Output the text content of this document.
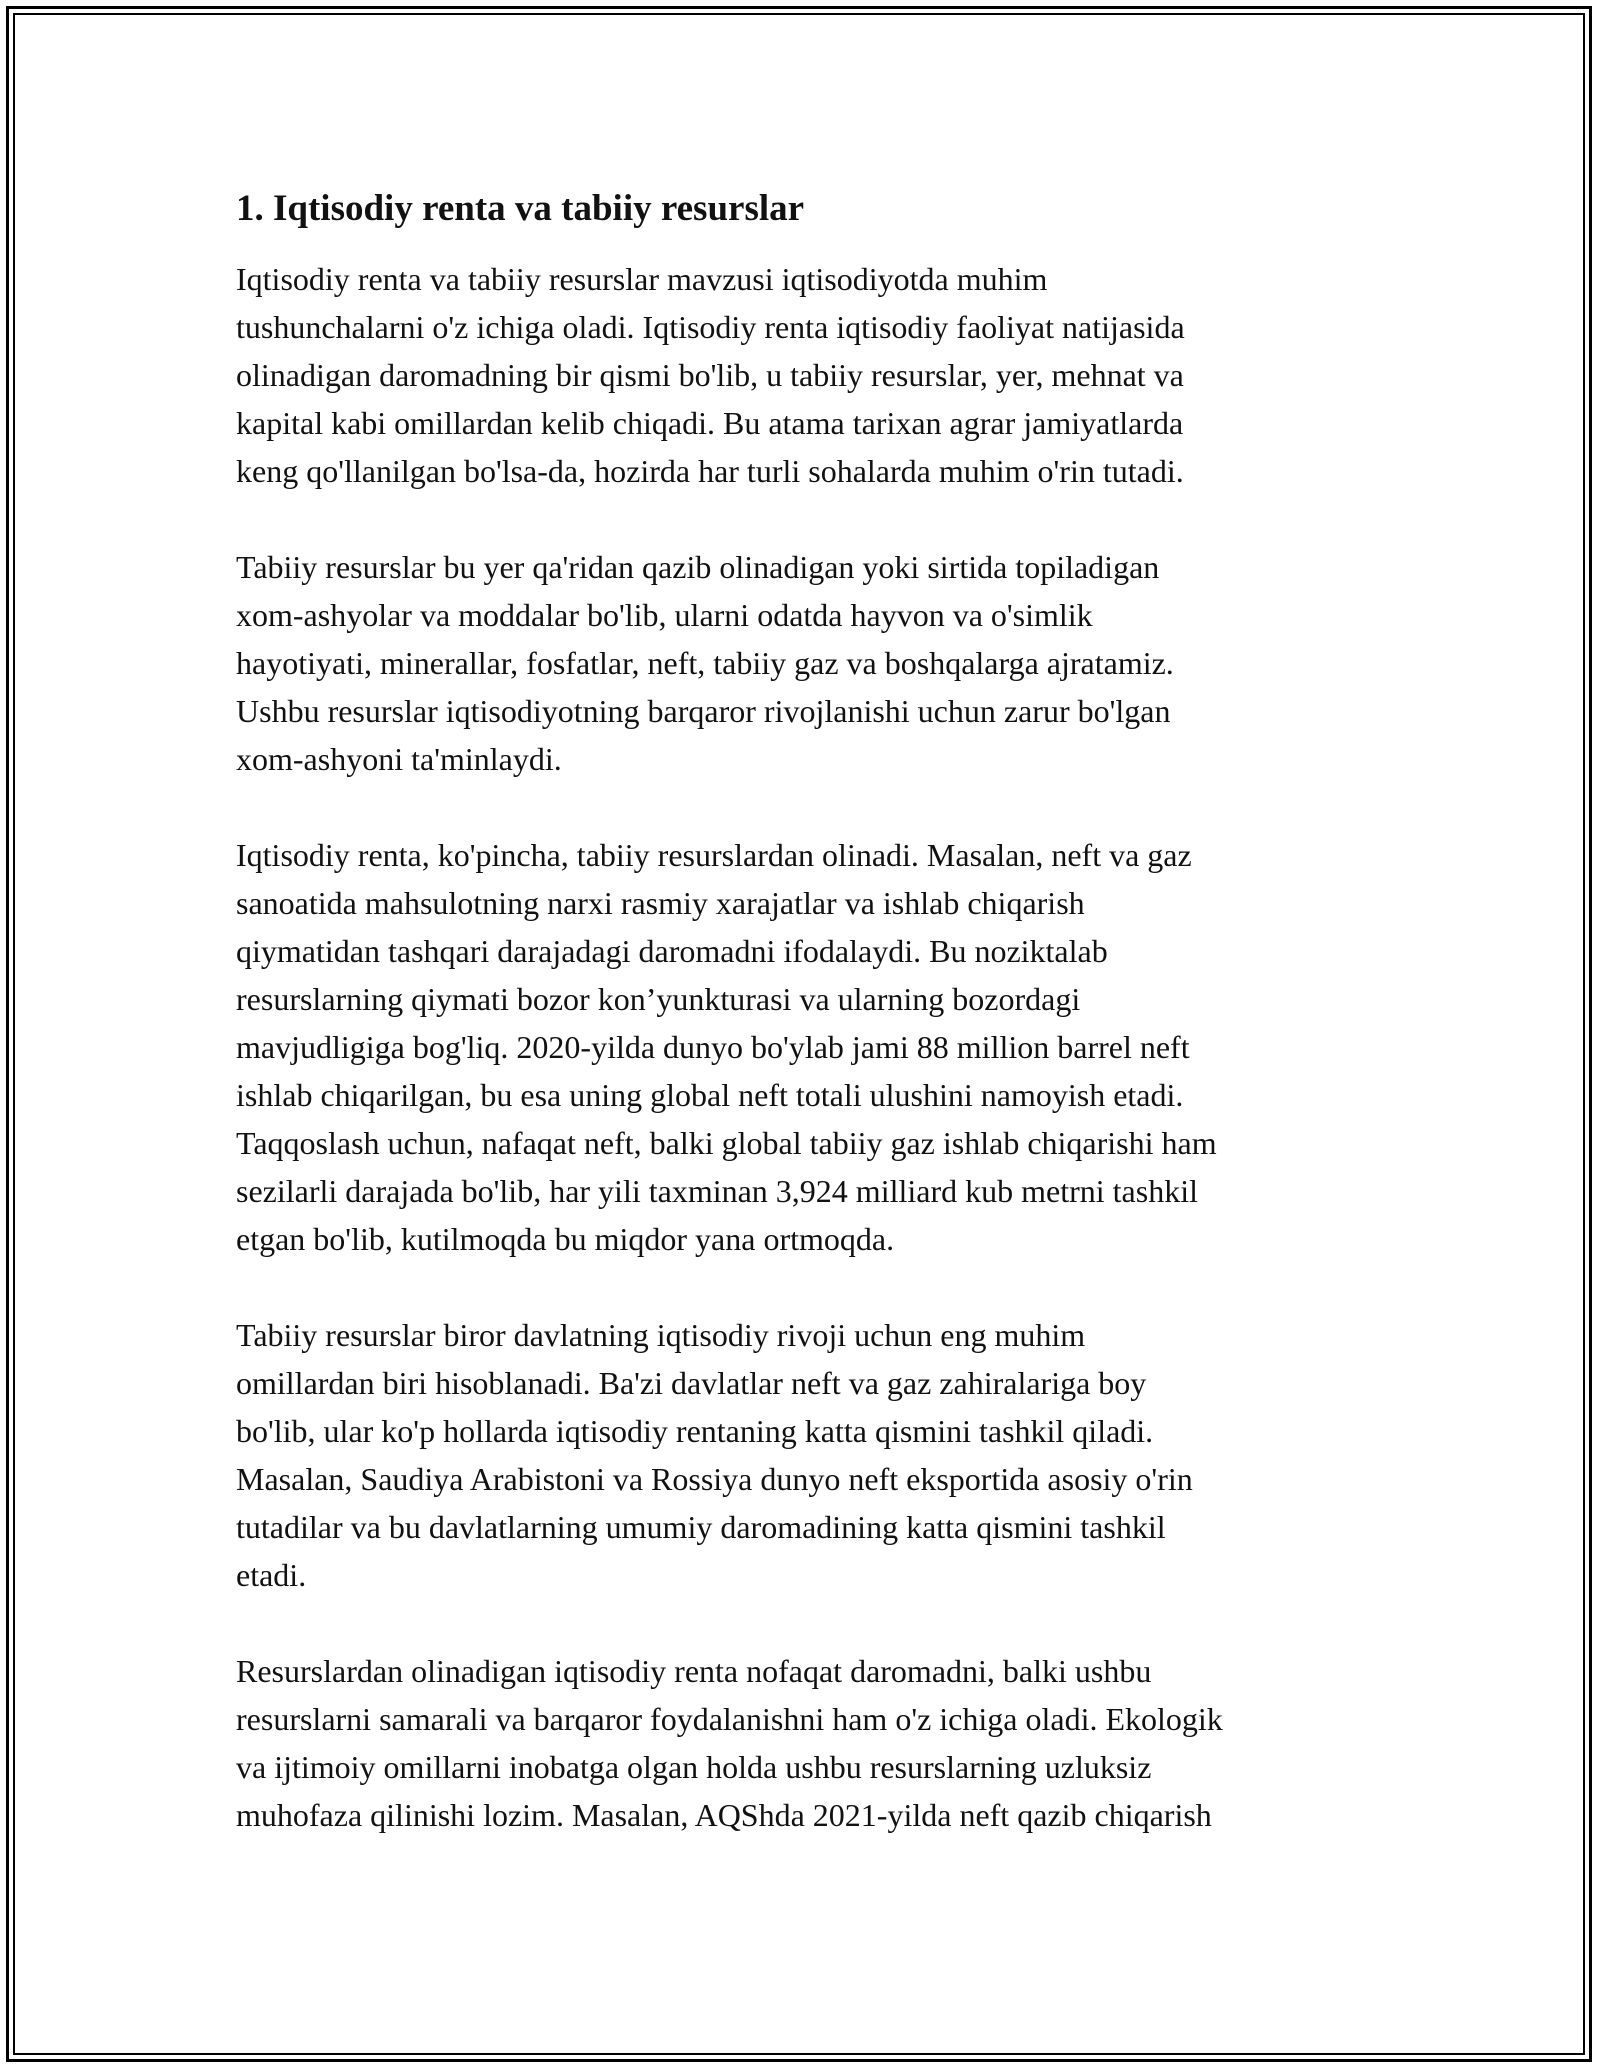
1. Iqtisodiy renta va tabiiy resurslar

Iqtisodiy renta va tabiiy resurslar mavzusi iqtisodiyotda muhim
tushunchalarni o'z ichiga oladi. Iqtisodiy renta iqtisodiy faoliyat natijasida
olinadigan daromadning bir qismi bo'lib, u tabiiy resurslar, yer, mehnat va
kapital kabi omillardan kelib chiqadi. Bu atama tarixan agrar jamiyatlarda
keng qo'llanilgan bo'lsa-da, hozirda har turli sohalarda muhim o'rin tutadi.

Tabiiy resurslar bu yer qa'ridan qazib olinadigan yoki sirtida topiladigan
xom-ashyolar va moddalar bo'lib, ularni odatda hayvon va o'simlik
hayotiyati, minerallar, fosfatlar, neft, tabiiy gaz va boshqalarga ajratamiz.
Ushbu resurslar iqtisodiyotning barqaror rivojlanishi uchun zarur bo'lgan
xom-ashyoni ta'minlaydi.

Iqtisodiy renta, ko'pincha, tabiiy resurslardan olinadi. Masalan, neft va gaz
sanoatida mahsulotning narxi rasmiy xarajatlar va ishlab chiqarish
qiymatidan tashqari darajadagi daromadni ifodalaydi. Bu noziktalab
resurslarning qiymati bozor kon’yunkturasi va ularning bozordagi
mavjudligiga bog'liq. 2020-yilda dunyo bo'ylab jami 88 million barrel neft
ishlab chiqarilgan, bu esa uning global neft totali ulushini namoyish etadi.
Taqqoslash uchun, nafaqat neft, balki global tabiiy gaz ishlab chiqarishi ham
sezilarli darajada bo'lib, har yili taxminan 3,924 milliard kub metrni tashkil
etgan bo'lib, kutilmoqda bu miqdor yana ortmoqda.

Tabiiy resurslar biror davlatning iqtisodiy rivoji uchun eng muhim
omillardan biri hisoblanadi. Ba'zi davlatlar neft va gaz zahiralariga boy
bo'lib, ular ko'p hollarda iqtisodiy rentaning katta qismini tashkil qiladi.
Masalan, Saudiya Arabistoni va Rossiya dunyo neft eksportida asosiy o'rin
tutadilar va bu davlatlarning umumiy daromadining katta qismini tashkil
etadi.

Resurslardan olinadigan iqtisodiy renta nofaqat daromadni, balki ushbu
resurslarni samarali va barqaror foydalanishni ham o'z ichiga oladi. Ekologik
va ijtimoiy omillarni inobatga olgan holda ushbu resurslarning uzluksiz
muhofaza qilinishi lozim. Masalan, AQShda 2021-yilda neft qazib chiqarish
